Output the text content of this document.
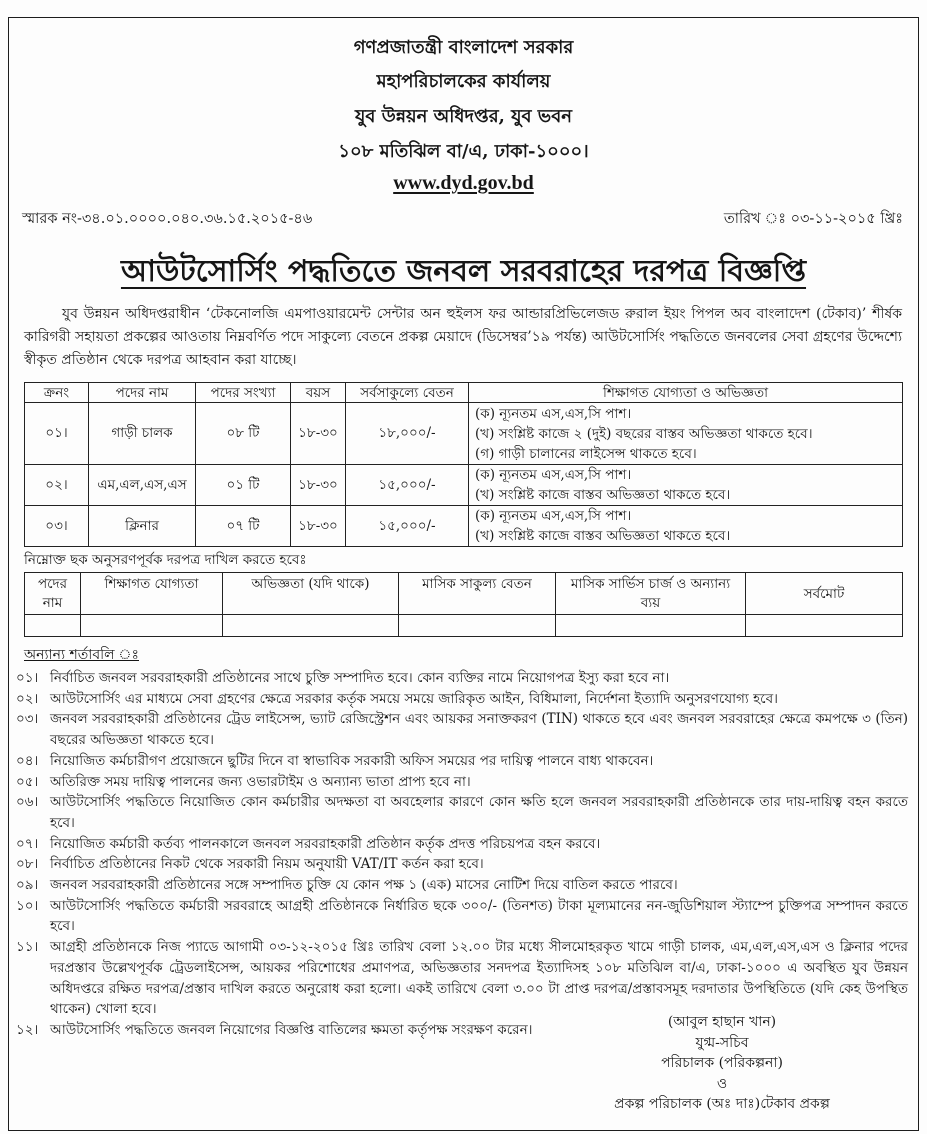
গণপ্রজাতন্ত্রী বাংলাদেশ সরকার
মহাপরিচালকের কার্যালয়
যুব উন্নয়ন অধিদপ্তর, যুব ভবন
১০৮ মতিঝিল বা/এ, ঢাকা-১০০০।
www.dyd.gov.bd
স্মারক নং-৩৪.০১.০০০০.০৪০.৩৬.১৫.২০১৫-৪৬	তারিখ ঃ ০৩-১১-২০১৫ খ্রিঃ
আউটসোর্সিং পদ্ধতিতে জনবল সরবরাহের দরপত্র বিজ্ঞপ্তি

যুব উন্নয়ন অধিদপ্তরাধীন ‘টেকনোলজি এমপাওয়ারমেন্ট সেন্টার অন হুইলস ফর আন্ডারপ্রিভিলেজড রুরাল ইয়ং পিপল অব বাংলাদেশ (টেকাব)’ শীর্ষক কারিগরী সহায়তা প্রকল্পের আওতায় নিম্নবর্ণিত পদে সাকুল্যে বেতনে প্রকল্প মেয়াদে (ডিসেম্বর’১৯ পর্যন্ত) আউটসোর্সিং পদ্ধতিতে জনবলের সেবা গ্রহণের উদ্দেশ্যে স্বীকৃত প্রতিষ্ঠান থেকে দরপত্র আহবান করা যাচ্ছে।

ক্রনং	পদের নাম	পদের সংখ্যা	বয়স	সর্বসাকুল্যে বেতন	শিক্ষাগত যোগ্যতা ও অভিজ্ঞতা
০১।	গাড়ী চালক	০৮ টি	১৮-৩০	১৮,০০০/-	(ক) ন্যূনতম এস,এস,সি পাশ।
(খ) সংশ্লিষ্ট কাজে ২ (দুই) বছরের বাস্তব অভিজ্ঞতা থাকতে হবে।
(গ) গাড়ী চালানের লাইসেন্স থাকতে হবে।

০২।	এম,এল,এস,এস	০১ টি	১৮-৩০	১৫,০০০/-	(ক) ন্যূনতম এস,এস,সি পাশ।
(খ) সংশ্লিষ্ট কাজে বাস্তব অভিজ্ঞতা থাকতে হবে।

০৩।	ক্লিনার	০৭ টি	১৮-৩০	১৫,০০০/-	(ক) ন্যূনতম এস,এস,সি পাশ।
(খ) সংশ্লিষ্ট কাজে বাস্তব অভিজ্ঞতা থাকতে হবে।
নিম্নোক্ত ছক অনুসরণপূর্বক দরপত্র দাখিল করতে হবেঃ
পদের নাম	শিক্ষাগত যোগ্যতা	অভিজ্ঞতা (যদি থাকে)	মাসিক সাকুল্য বেতন	মাসিক সার্ভিস চার্জ ও অন্যান্য ব্যয়	সর্বমোট

অন্যান্য শর্তাবলি ঃ
০১। নির্বাচিত জনবল সরবরাহকারী প্রতিষ্ঠানের সাথে চুক্তি সম্পাদিত হবে। কোন ব্যক্তির নামে নিয়োগপত্র ইস্যু করা হবে না।
০২। আউটসোর্সিং এর মাধ্যমে সেবা গ্রহণের ক্ষেত্রে সরকার কর্তৃক সময়ে সময়ে জারিকৃত আইন, বিধিমালা, নির্দেশনা ইত্যাদি অনুসরণযোগ্য হবে।
০৩। জনবল সরবরাহকারী প্রতিষ্ঠানের ট্রেড লাইসেন্স, ভ্যাট রেজিস্ট্রেশন এবং আয়কর সনাক্তকরণ (TIN) থাকতে হবে এবং জনবল সরবরাহের ক্ষেত্রে কমপক্ষে ৩ (তিন) বছরের অভিজ্ঞতা থাকতে হবে।
০৪। নিয়োজিত কর্মচারীগণ প্রয়োজনে ছুটির দিনে বা স্বাভাবিক সরকারী অফিস সময়ের পর দায়িত্ব পালনে বাধ্য থাকবেন।
০৫। অতিরিক্ত সময় দায়িত্ব পালনের জন্য ওভারটাইম ও অন্যান্য ভাতা প্রাপ্য হবে না।
০৬। আউটসোর্সিং পদ্ধতিতে নিয়োজিত কোন কর্মচারীর অদক্ষতা বা অবহেলার কারণে কোন ক্ষতি হলে জনবল সরবরাহকারী প্রতিষ্ঠানকে তার দায়-দায়িত্ব বহন করতে হবে।
০৭। নিয়োজিত কর্মচারী কর্তব্য পালনকালে জনবল সরবরাহকারী প্রতিষ্ঠান কর্তৃক প্রদত্ত পরিচয়পত্র বহন করবে।
০৮। নির্বাচিত প্রতিষ্ঠানের নিকট থেকে সরকারী নিয়ম অনুযায়ী VAT/IT কর্তন করা হবে।
০৯। জনবল সরবরাহকারী প্রতিষ্ঠানের সঙ্গে সম্পাদিত চুক্তি যে কোন পক্ষ ১ (এক) মাসের নোটিশ দিয়ে বাতিল করতে পারবে।
১০। আউটসোর্সিং পদ্ধতিতে কর্মচারী সরবরাহে আগ্রহী প্রতিষ্ঠানকে নির্ধারিত ছকে ৩০০/- (তিনশত) টাকা মূল্যমানের নন-জুডিশিয়াল স্ট্যাম্পে চুক্তিপত্র সম্পাদন করতে হবে।
১১। আগ্রহী প্রতিষ্ঠানকে নিজ প্যাডে আগামী ০৩-১২-২০১৫ খ্রিঃ তারিখ বেলা ১২.০০ টার মধ্যে সীলমোহরকৃত খামে গাড়ী চালক, এম,এল,এস,এস ও ক্লিনার পদের দরপ্রস্তাব উল্লেখপূর্বক ট্রেডলাইসেন্স, আয়কর পরিশোধের প্রমাণপত্র, অভিজ্ঞতার সনদপত্র ইত্যাদিসহ ১০৮ মতিঝিল বা/এ, ঢাকা-১০০০ এ অবস্থিত যুব উন্নয়ন অধিদপ্তরে রক্ষিত দরপত্র/প্রস্তাব দাখিল করতে অনুরোধ করা হলো। একই তারিখে বেলা ৩.০০ টা প্রাপ্ত দরপত্র/প্রস্তাবসমূহ দরদাতার উপস্থিতিতে (যদি কেহ উপস্থিত থাকেন) খোলা হবে।
১২। আউটসোর্সিং পদ্ধতিতে জনবল নিয়োগের বিজ্ঞপ্তি বাতিলের ক্ষমতা কর্তৃপক্ষ সংরক্ষণ করেন।	(আবুল হাছান খান)
যুগ্ম-সচিব
পরিচালক (পরিকল্পনা)
ও
প্রকল্প পরিচালক (অঃ দাঃ)টেকাব প্রকল্প
